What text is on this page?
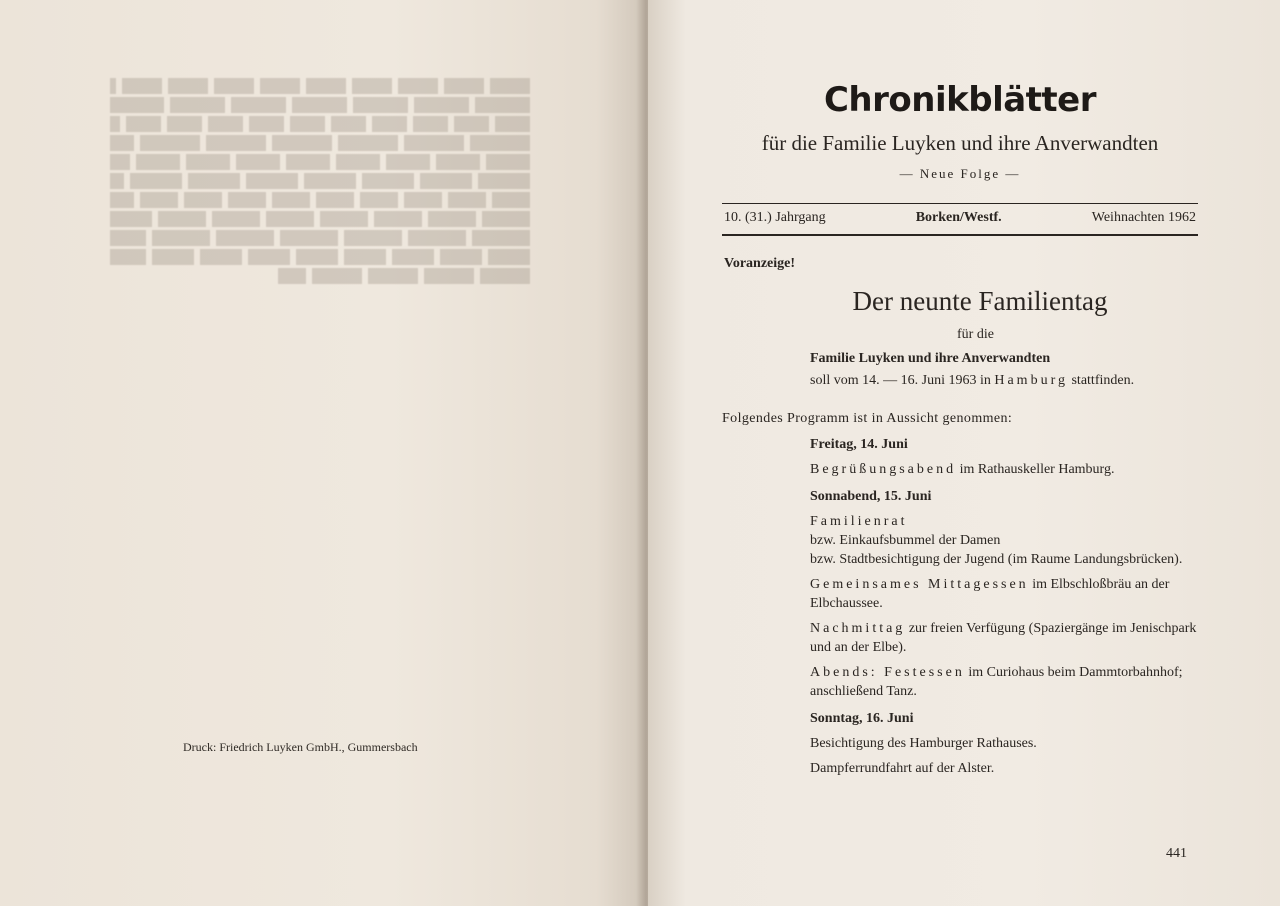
Druck: Friedrich Luyken GmbH., Gummersbach
Chronikblätter
für die Familie Luyken und ihre Anverwandten
— Neue Folge —
10. (31.) Jahrgang	Borken/Westf.	Weihnachten 1962
Voranzeige!
Der neunte Familientag
für die
Familie Luyken und ihre Anverwandten
soll vom 14. — 16. Juni 1963 in Hamburg stattfinden.
Folgendes Programm ist in Aussicht genommen:
Freitag, 14. Juni
Begrüßungsabend im Rathauskeller Hamburg.
Sonnabend, 15. Juni
Familienrat
bzw. Einkaufsbummel der Damen
bzw. Stadtbesichtigung der Jugend (im Raume Landungsbrücken).
Gemeinsames Mittagessen im Elbschloßbräu an der Elbchaussee.
Nachmittag zur freien Verfügung (Spaziergänge im Jenischpark und an der Elbe).
Abends: Festessen im Curiohaus beim Dammtorbahnhof; anschließend Tanz.
Sonntag, 16. Juni
Besichtigung des Hamburger Rathauses.
Dampferrundfahrt auf der Alster.
441
